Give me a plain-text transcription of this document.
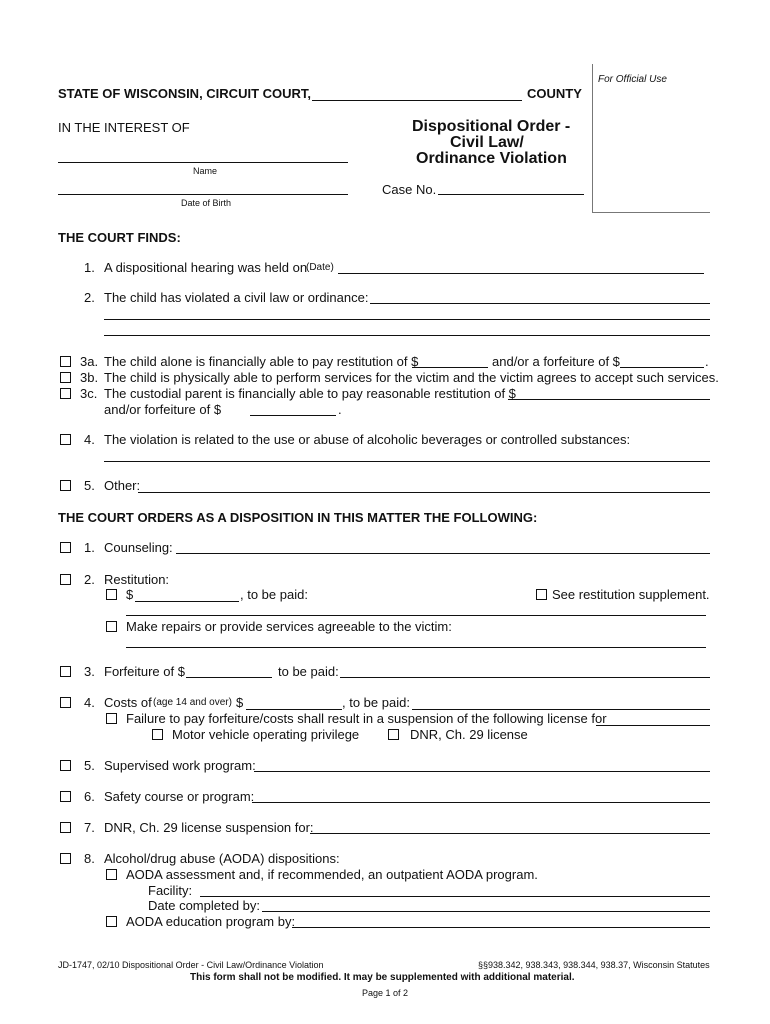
For Official Use
STATE OF WISCONSIN, CIRCUIT COURT,	COUNTY
IN THE INTEREST OF
Name
Date of Birth
Dispositional Order -
Civil Law/
Ordinance Violation
Case No.
THE COURT FINDS:
1. A dispositional hearing was held on
(Date)
2. The child has violated a civil law or ordinance:
3a. The child alone is financially able to pay restitution of $	and/or a forfeiture of $	.
3b. The child is physically able to perform services for the victim and the victim agrees to accept such services.
3c. The custodial parent is financially able to pay reasonable restitution of $
and/or forfeiture of $	.
4. The violation is related to the use or abuse of alcoholic beverages or controlled substances:
5. Other:
THE COURT ORDERS AS A DISPOSITION IN THIS MATTER THE FOLLOWING:
1. Counseling:
2. Restitution:
$	, to be paid:	See restitution supplement.
Make repairs or provide services agreeable to the victim:
3. Forfeiture of $	to be paid:
4. Costs of (age 14 and over) $	, to be paid:
Failure to pay forfeiture/costs shall result in a suspension of the following license for
Motor vehicle operating privilege	DNR, Ch. 29 license
5. Supervised work program:
6. Safety course or program:
7. DNR, Ch. 29 license suspension for:
8. Alcohol/drug abuse (AODA) dispositions:
AODA assessment and, if recommended, an outpatient AODA program.
Facility:
Date completed by:
AODA education program by:
JD-1747, 02/10 Dispositional Order - Civil Law/Ordinance Violation	§§938.342, 938.343, 938.344, 938.37, Wisconsin Statutes
This form shall not be modified. It may be supplemented with additional material.
Page 1 of 2
